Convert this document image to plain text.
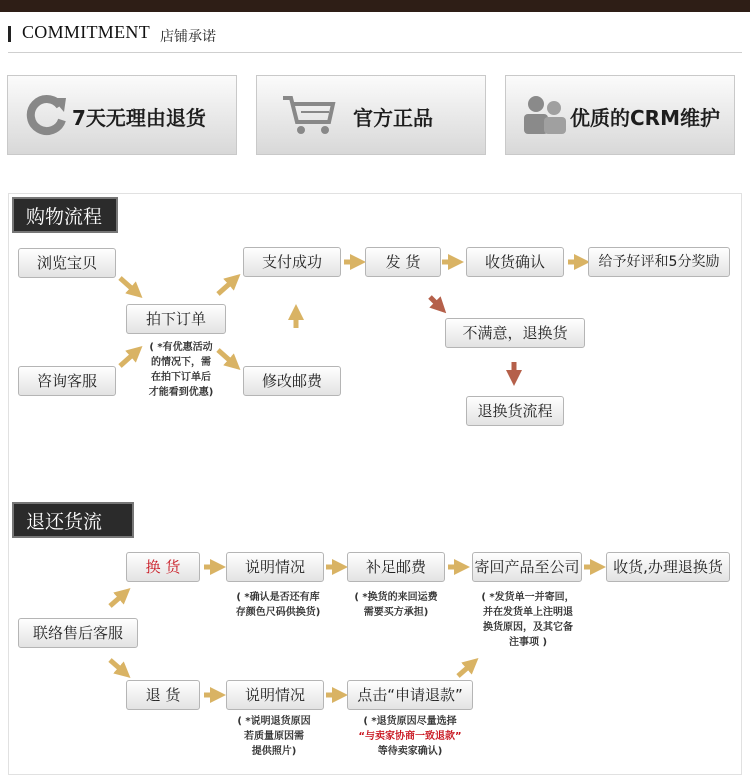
COMMITMENT 店铺承诺
7天无理由退货	官方正品	优质的CRM维护
购物流程
浏览宝贝
咨询客服
拍下订单
( *有优惠活动
的情况下，需
在拍下订单后
才能看到优惠)
支付成功
修改邮费
发 货	收货确认	给予好评和5分奖励
不满意，退换货
退换货流程
退还货流程
联络售后客服
换 货	说明情况
( *确认是否还有库
存颜色尺码供换货)
补足邮费
( *换货的来回运费
需要买方承担)
寄回产品至公司
( *发货单一并寄回，
并在发货单上注明退
换货原因，及其它备
注事项 )
收货,办理退换货
退 货	说明情况
( *说明退货原因
若质量原因需
提供照片)
点击“申请退款”
( *退货原因尽量选择
“与卖家协商一致退款”
等待卖家确认)
